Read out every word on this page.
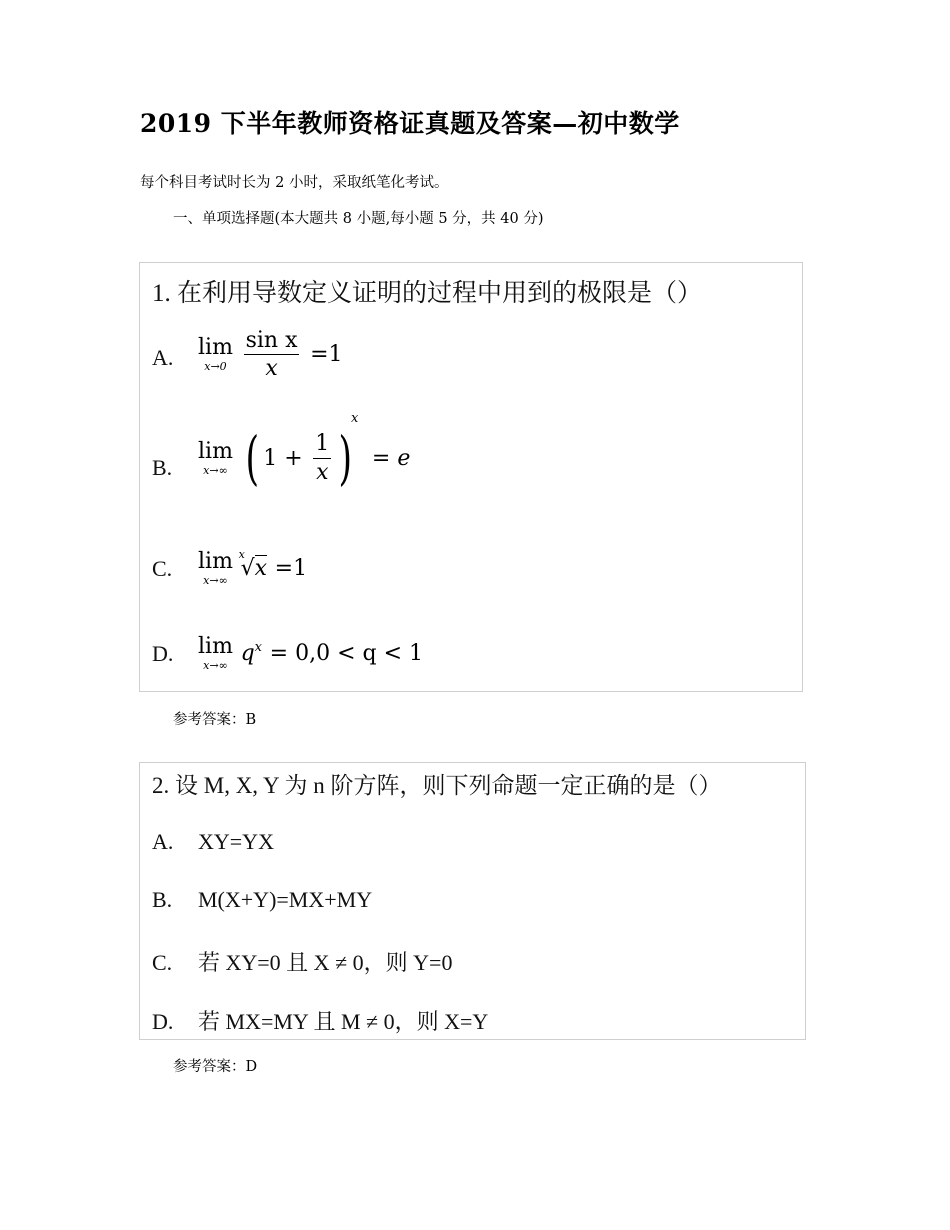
2019 下半年教师资格证真题及答案—初中数学
每个科目考试时长为 2 小时，采取纸笔化考试。
一、单项选择题(本大题共 8 小题,每小题 5 分，共 40 分)
1. 在利用导数定义证明的过程中用到的极限是（）
A.	lim
x→0
$\frac{\text{sin x}}{x} =1$
B.
lim
x→∞ ( $1 + \frac{1}{x} )^x = e$
C.	lim
x→∞

x
√x =1
D.	lim
x→∞ $q^x = 0,0 < q < 1$
参考答案：B
2. 设 M, X, Y 为 n 阶方阵，则下列命题一定正确的是（）
A. XY=YX
B. M(X+Y)=MX+MY
C. 若 XY=0 且 X ≠ 0，则 Y=0
D. 若 MX=MY 且 M ≠ 0，则 X=Y
参考答案：D
